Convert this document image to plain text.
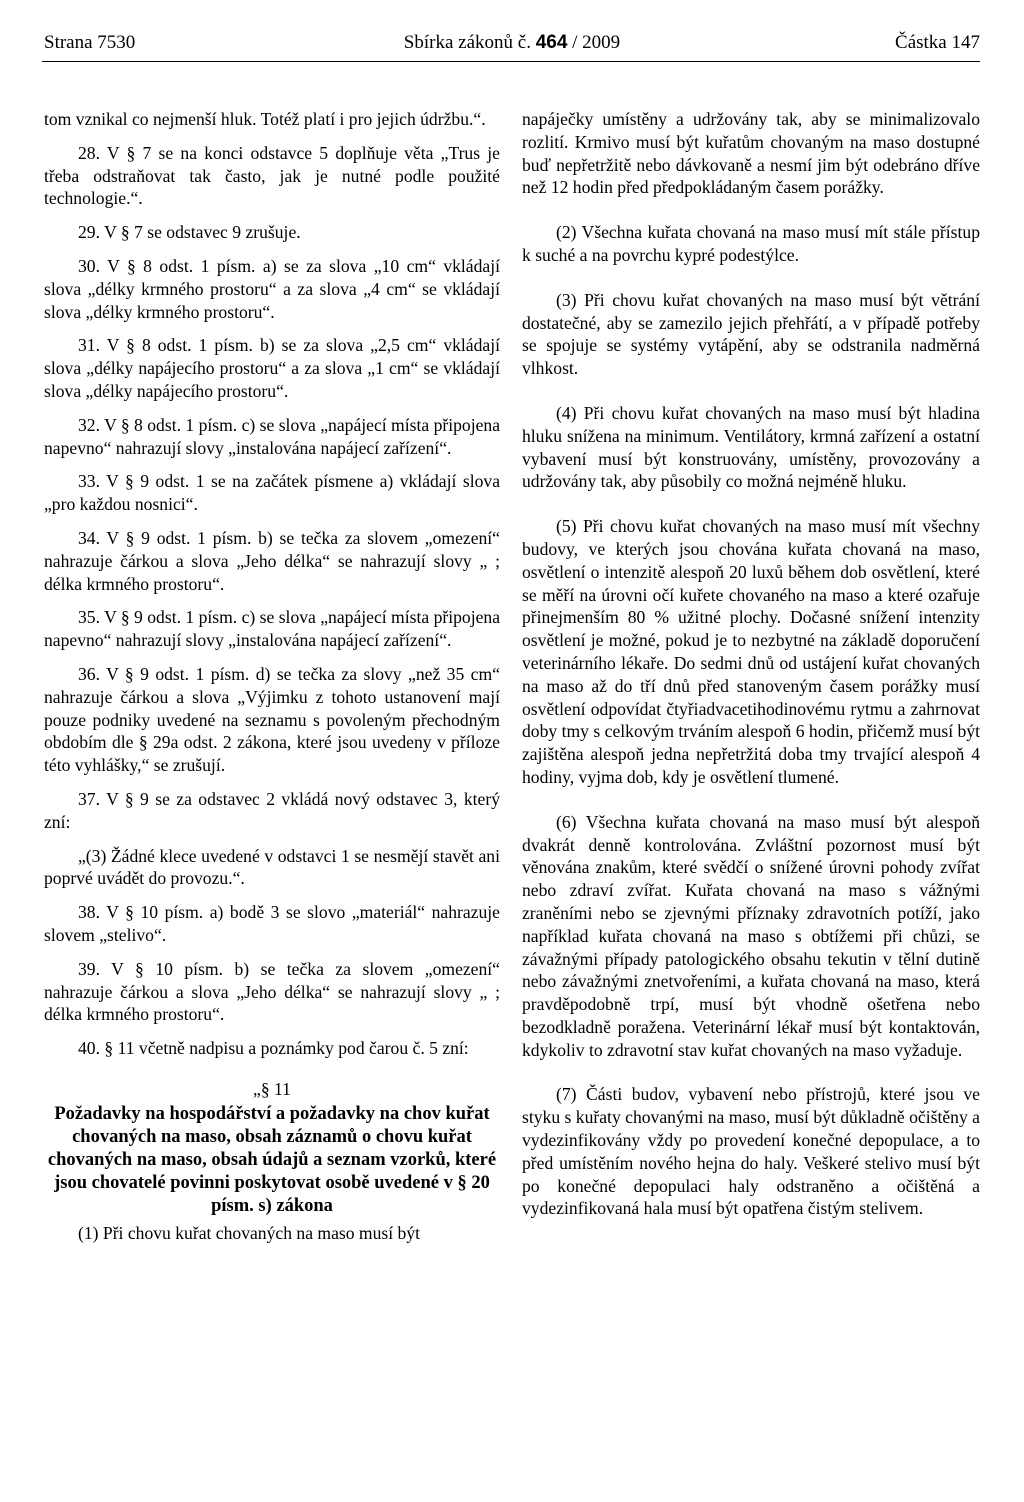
Strana 7530	Sbírka zákonů č. 464 / 2009	Částka 147

tom vznikal co nejmenší hluk. Totéž platí i pro jejich údržbu.“.

28. V § 7 se na konci odstavce 5 doplňuje věta „Trus je třeba odstraňovat tak často, jak je nutné podle použité technologie.“.

29. V § 7 se odstavec 9 zrušuje.

30. V § 8 odst. 1 písm. a) se za slova „10 cm“ vkládají slova „délky krmného prostoru“ a za slova „4 cm“ se vkládají slova „délky krmného prostoru“.

31. V § 8 odst. 1 písm. b) se za slova „2,5 cm“ vkládají slova „délky napájecího prostoru“ a za slova „1 cm“ se vkládají slova „délky napájecího prostoru“.

32. V § 8 odst. 1 písm. c) se slova „napájecí místa připojena napevno“ nahrazují slovy „instalována napájecí zařízení“.

33. V § 9 odst. 1 se na začátek písmene a) vkládají slova „pro každou nosnici“.

34. V § 9 odst. 1 písm. b) se tečka za slovem „omezení“ nahrazuje čárkou a slova „Jeho délka“ se nahrazují slovy „ ; délka krmného prostoru“.

35. V § 9 odst. 1 písm. c) se slova „napájecí místa připojena napevno“ nahrazují slovy „instalována napájecí zařízení“.

36. V § 9 odst. 1 písm. d) se tečka za slovy „než 35 cm“ nahrazuje čárkou a slova „Výjimku z tohoto ustanovení mají pouze podniky uvedené na seznamu s povoleným přechodným obdobím dle § 29a odst. 2 zákona, které jsou uvedeny v příloze této vyhlášky,“ se zrušují.

37. V § 9 se za odstavec 2 vkládá nový odstavec 3, který zní:

„(3) Žádné klece uvedené v odstavci 1 se nesmějí stavět ani poprvé uvádět do provozu.“.

38. V § 10 písm. a) bodě 3 se slovo „materiál“ nahrazuje slovem „stelivo“.

39. V § 10 písm. b) se tečka za slovem „omezení“ nahrazuje čárkou a slova „Jeho délka“ se nahrazují slovy „ ; délka krmného prostoru“.

40. § 11 včetně nadpisu a poznámky pod čarou č. 5 zní:

„§ 11

Požadavky na hospodářství a požadavky na chov kuřat chovaných na maso, obsah záznamů o chovu kuřat chovaných na maso, obsah údajů a seznam vzorků, které jsou chovatelé povinni poskytovat osobě uvedené v § 20 písm. s) zákona

(1) Při chovu kuřat chovaných na maso musí být

napáječky umístěny a udržovány tak, aby se minimalizovalo rozlití. Krmivo musí být kuřatům chovaným na maso dostupné buď nepřetržitě nebo dávkovaně a nesmí jim být odebráno dříve než 12 hodin před předpokládaným časem porážky.

(2) Všechna kuřata chovaná na maso musí mít stále přístup k suché a na povrchu kypré podestýlce.

(3) Při chovu kuřat chovaných na maso musí být větrání dostatečné, aby se zamezilo jejich přehřátí, a v případě potřeby se spojuje se systémy vytápění, aby se odstranila nadměrná vlhkost.

(4) Při chovu kuřat chovaných na maso musí být hladina hluku snížena na minimum. Ventilátory, krmná zařízení a ostatní vybavení musí být konstruovány, umístěny, provozovány a udržovány tak, aby působily co možná nejméně hluku.

(5) Při chovu kuřat chovaných na maso musí mít všechny budovy, ve kterých jsou chována kuřata chovaná na maso, osvětlení o intenzitě alespoň 20 luxů během dob osvětlení, které se měří na úrovni očí kuřete chovaného na maso a které ozařuje přinejmenším 80 % užitné plochy. Dočasné snížení intenzity osvětlení je možné, pokud je to nezbytné na základě doporučení veterinárního lékaře. Do sedmi dnů od ustájení kuřat chovaných na maso až do tří dnů před stanoveným časem porážky musí osvětlení odpovídat čtyřiadvacetihodinovému rytmu a zahrnovat doby tmy s celkovým trváním alespoň 6 hodin, přičemž musí být zajištěna alespoň jedna nepřetržitá doba tmy trvající alespoň 4 hodiny, vyjma dob, kdy je osvětlení tlumené.

(6) Všechna kuřata chovaná na maso musí být alespoň dvakrát denně kontrolována. Zvláštní pozornost musí být věnována znakům, které svědčí o snížené úrovni pohody zvířat nebo zdraví zvířat. Kuřata chovaná na maso s vážnými zraněními nebo se zjevnými příznaky zdravotních potíží, jako například kuřata chovaná na maso s obtížemi při chůzi, se závažnými případy patologického obsahu tekutin v tělní dutině nebo závažnými znetvořeními, a kuřata chovaná na maso, která pravděpodobně trpí, musí být vhodně ošetřena nebo bezodkladně poražena. Veterinární lékař musí být kontaktován, kdykoliv to zdravotní stav kuřat chovaných na maso vyžaduje.

(7) Části budov, vybavení nebo přístrojů, které jsou ve styku s kuřaty chovanými na maso, musí být důkladně očištěny a vydezinfikovány vždy po provedení konečné depopulace, a to před umístěním nového hejna do haly. Veškeré stelivo musí být po konečné depopulaci haly odstraněno a očištěná a vydezinfikovaná hala musí být opatřena čistým stelivem.
